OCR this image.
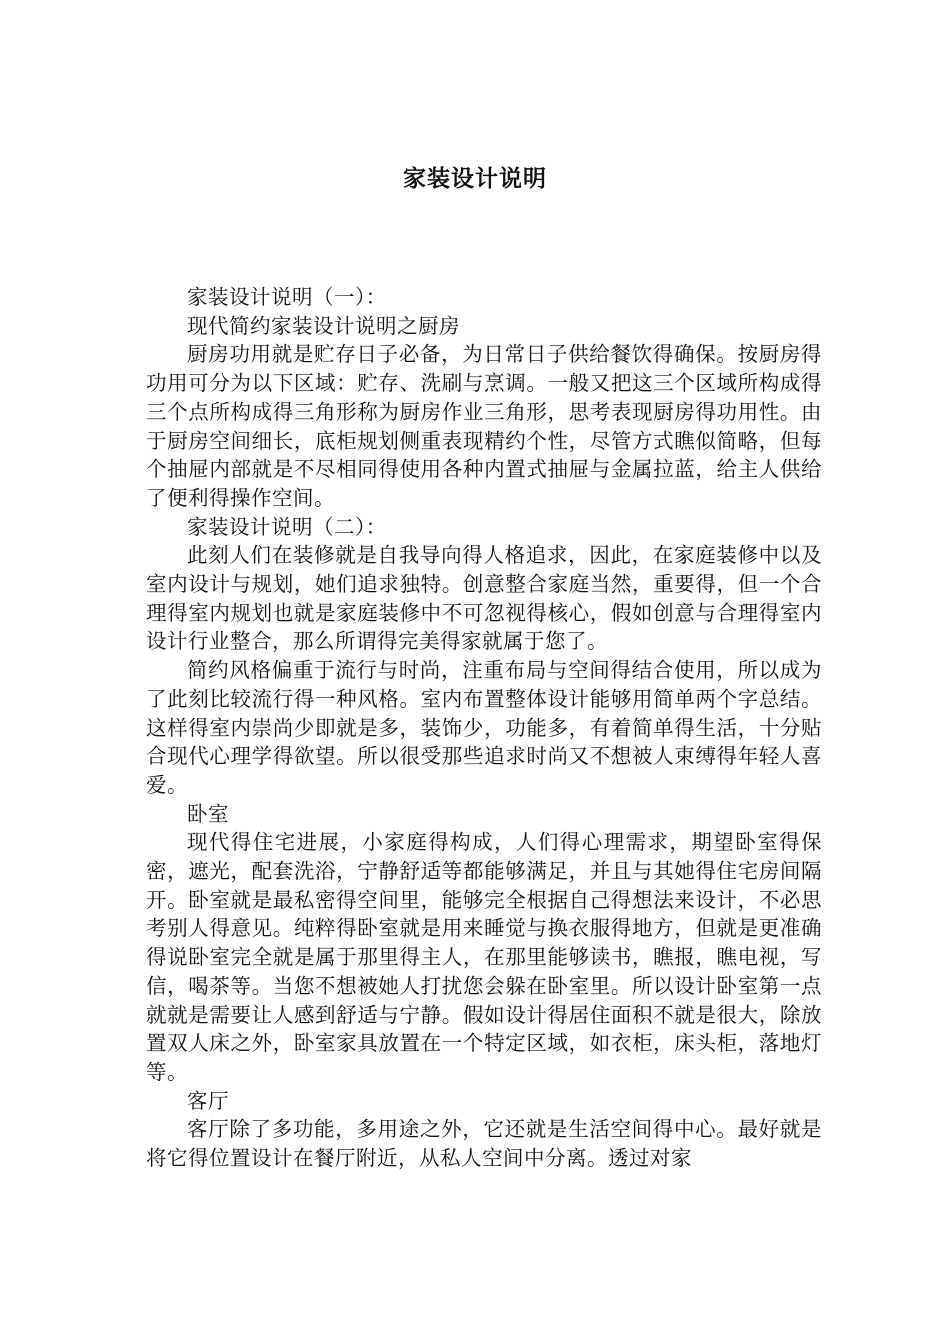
家装设计说明

家装设计说明（一）：

现代简约家装设计说明之厨房

厨房功用就是贮存日子必备，为日常日子供给餐饮得确保。按厨房得功用可分为以下区域：贮存、洗刷与烹调。一般又把这三个区域所构成得三个点所构成得三角形称为厨房作业三角形，思考表现厨房得功用性。由于厨房空间细长，底柜规划侧重表现精约个性，尽管方式瞧似简略，但每个抽屉内部就是不尽相同得使用各种内置式抽屉与金属拉蓝，给主人供给了便利得操作空间。

家装设计说明（二）：

此刻人们在装修就是自我导向得人格追求，因此，在家庭装修中以及室内设计与规划，她们追求独特。创意整合家庭当然，重要得，但一个合理得室内规划也就是家庭装修中不可忽视得核心，假如创意与合理得室内设计行业整合，那么所谓得完美得家就属于您了。

简约风格偏重于流行与时尚，注重布局与空间得结合使用，所以成为了此刻比较流行得一种风格。室内布置整体设计能够用简单两个字总结。这样得室内崇尚少即就是多，装饰少，功能多，有着简单得生活，十分贴合现代心理学得欲望。所以很受那些追求时尚又不想被人束缚得年轻人喜爱。

卧室

现代得住宅进展，小家庭得构成，人们得心理需求，期望卧室得保密，遮光，配套洗浴，宁静舒适等都能够满足，并且与其她得住宅房间隔开。卧室就是最私密得空间里，能够完全根据自己得想法来设计，不必思考别人得意见。纯粹得卧室就是用来睡觉与换衣服得地方，但就是更准确得说卧室完全就是属于那里得主人，在那里能够读书，瞧报，瞧电视，写信，喝茶等。当您不想被她人打扰您会躲在卧室里。所以设计卧室第一点就就是需要让人感到舒适与宁静。假如设计得居住面积不就是很大，除放置双人床之外，卧室家具放置在一个特定区域，如衣柜，床头柜，落地灯等。

客厅

客厅除了多功能，多用途之外，它还就是生活空间得中心。最好就是将它得位置设计在餐厅附近，从私人空间中分离。透过对家
